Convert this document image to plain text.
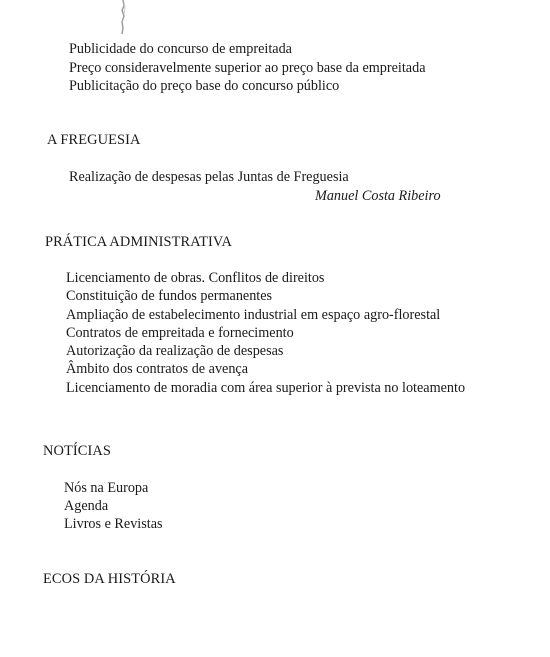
Publicidade do concurso de empreitada
Preço consideravelmente superior ao preço base da empreitada
Publicitação do preço base do concurso público
A FREGUESIA
Realização de despesas pelas Juntas de Freguesia
Manuel Costa Ribeiro
PRÁTICA ADMINISTRATIVA
Licenciamento de obras. Conflitos de direitos
Constituição de fundos permanentes
Ampliação de estabelecimento industrial em espaço agro-florestal
Contratos de empreitada e fornecimento
Autorização da realização de despesas
Âmbito dos contratos de avença
Licenciamento de moradia com área superior à prevista no loteamento
NOTÍCIAS
Nós na Europa
Agenda
Livros e Revistas
ECOS DA HISTÓRIA
